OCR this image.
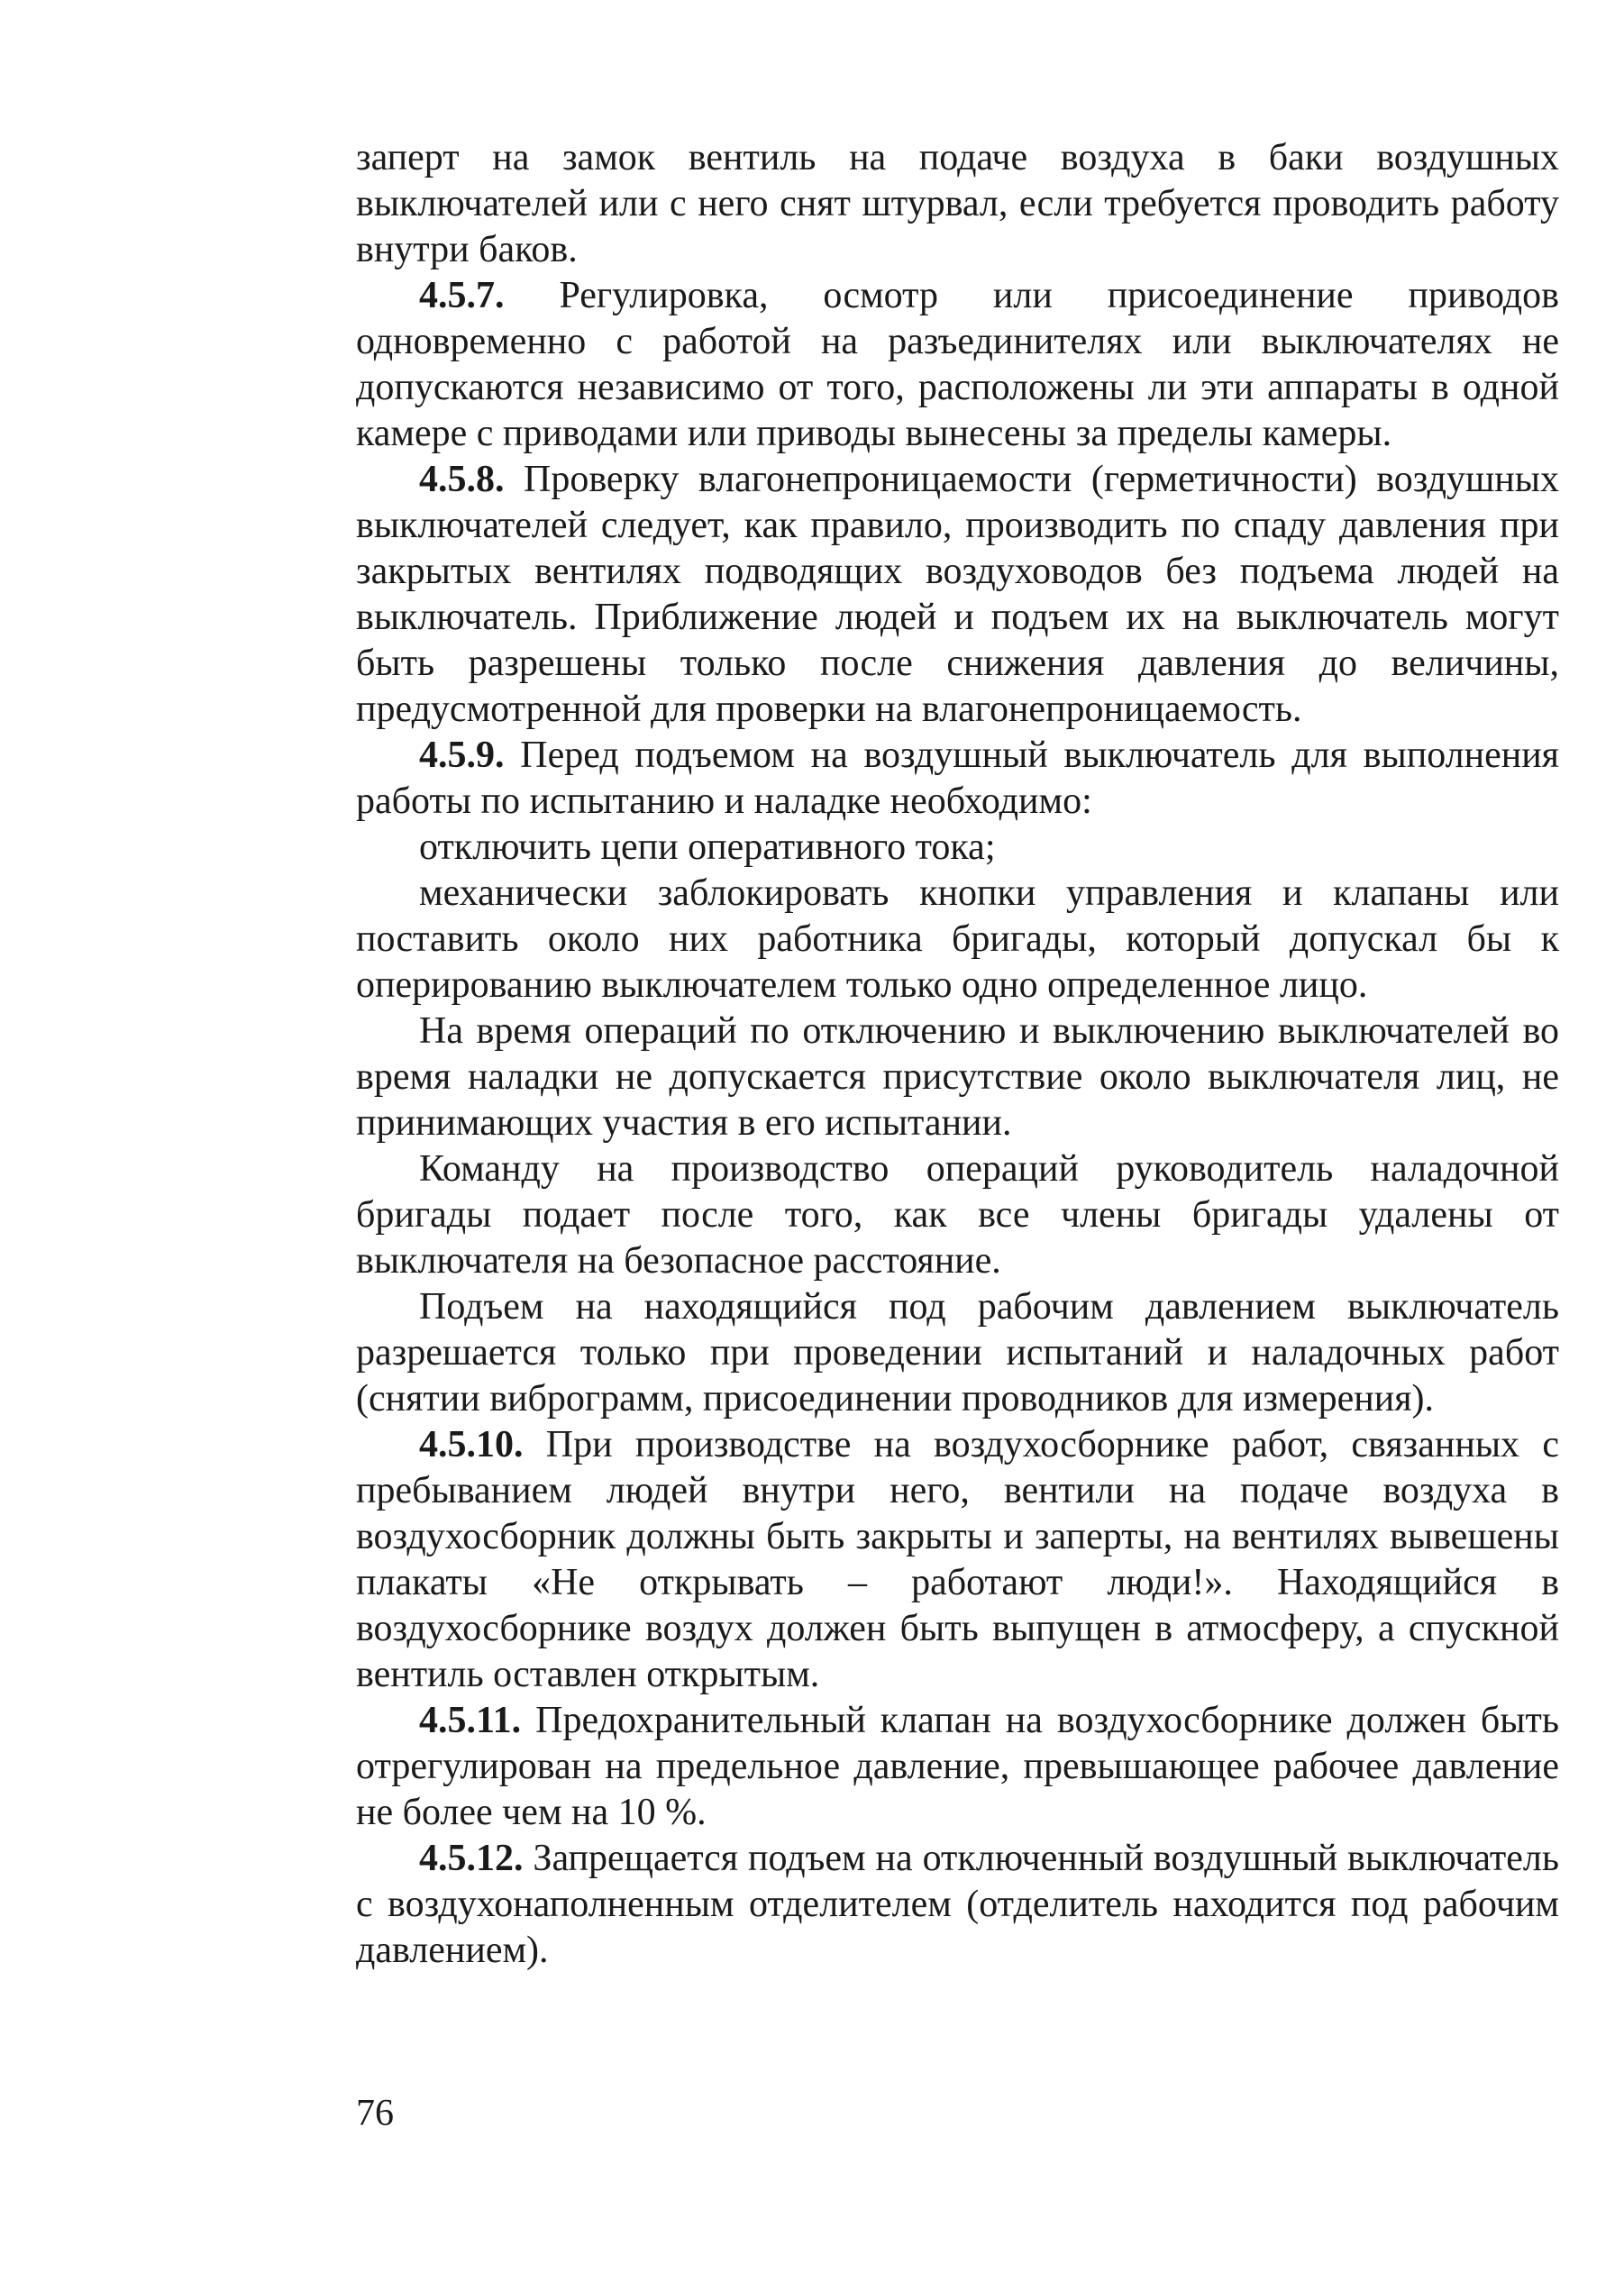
заперт на замок вентиль на подаче воздуха в баки воздушных выключателей или с него снят штурвал, если требуется проводить работу внутри баков.

4.5.7. Регулировка, осмотр или присоединение приводов одновременно с работой на разъединителях или выключателях не допускаются независимо от того, расположены ли эти аппараты в одной камере с приводами или приводы вынесены за пределы камеры.

4.5.8. Проверку влагонепроницаемости (герметичности) воздушных выключателей следует, как правило, производить по спаду давления при закрытых вентилях подводящих воздуховодов без подъема людей на выключатель. Приближение людей и подъем их на выключатель могут быть разрешены только после снижения давления до величины, предусмотренной для проверки на влагонепроницаемость.

4.5.9. Перед подъемом на воздушный выключатель для выполнения работы по испытанию и наладке необходимо:

отключить цепи оперативного тока;

механически заблокировать кнопки управления и клапаны или поставить около них работника бригады, который допускал бы к оперированию выключателем только одно определенное лицо.

На время операций по отключению и выключению выключателей во время наладки не допускается присутствие около выключателя лиц, не принимающих участия в его испытании.

Команду на производство операций руководитель наладочной бригады подает после того, как все члены бригады удалены от выключателя на безопасное расстояние.

Подъем на находящийся под рабочим давлением выключатель разрешается только при проведении испытаний и наладочных работ (снятии виброграмм, присоединении проводников для измерения).

4.5.10. При производстве на воздухосборнике работ, связанных с пребыванием людей внутри него, вентили на подаче воздуха в воздухосборник должны быть закрыты и заперты, на вентилях вывешены плакаты «Не открывать – работают люди!». Находящийся в воздухосборнике воздух должен быть выпущен в атмосферу, а спускной вентиль оставлен открытым.

4.5.11. Предохранительный клапан на воздухосборнике должен быть отрегулирован на предельное давление, превышающее рабочее давление не более чем на 10 %.

4.5.12. Запрещается подъем на отключенный воздушный выключатель с воздухонаполненным отделителем (отделитель находится под рабочим давлением).

76
